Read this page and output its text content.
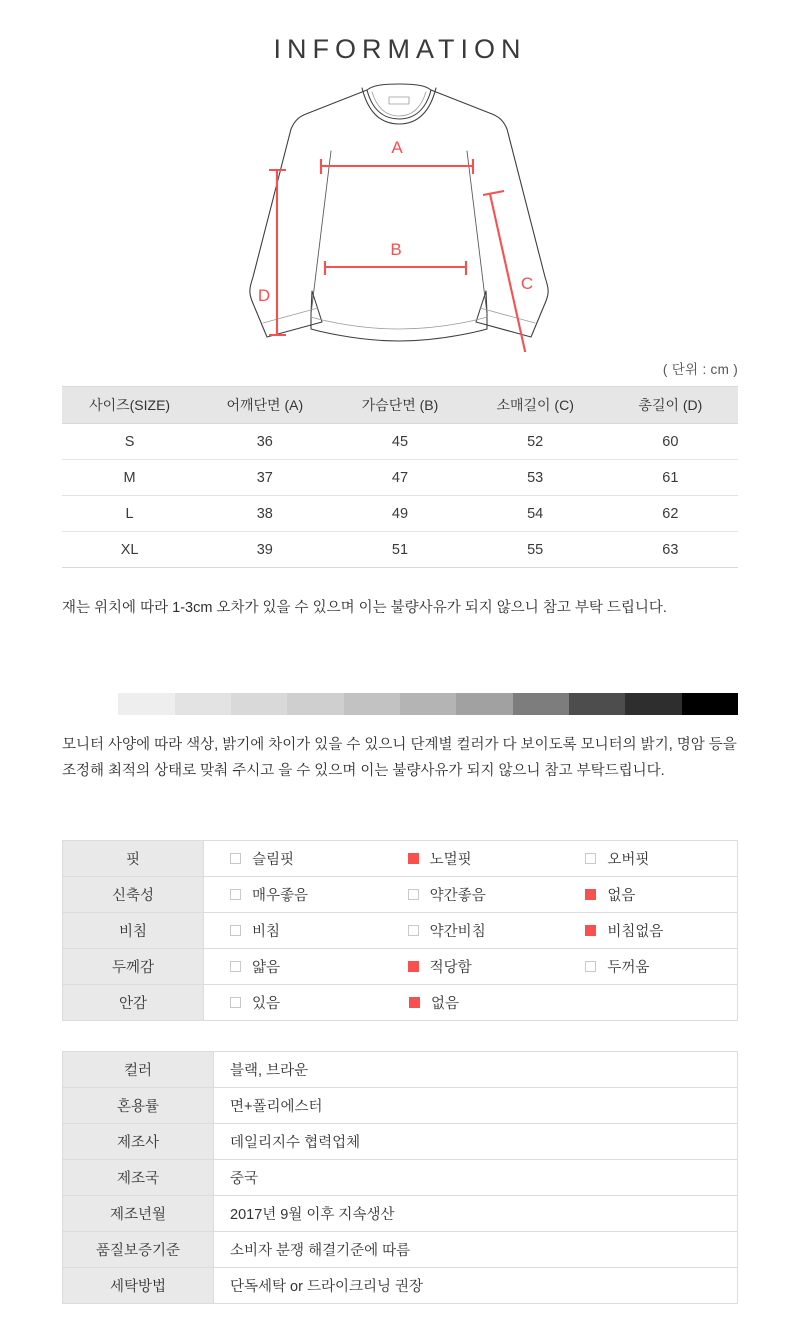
INFORMATION
A
B
C
D
( 단위 : cm )
사이즈(SIZE)	어깨단면 (A)	가슴단면 (B)	소매길이 (C)	총길이 (D)
S	36	45	52	60
M	37	47	53	61
L	38	49	54	62
XL	39	51	55	63
재는 위치에 따라 1-3cm 오차가 있을 수 있으며 이는 불량사유가 되지 않으니 참고 부탁 드립니다.
모니터 사양에 따라 색상, 밝기에 차이가 있을 수 있으니 단계별 컬러가 다 보이도록 모니터의 밝기, 명암 등을 조정해 최적의 상태로 맞춰 주시고 을 수 있으며 이는 불량사유가 되지 않으니 참고 부탁드립니다.
핏	슬림핏 노멀핏 오버핏

신축성	매우좋음 약간좋음 없음

비침	비침 약간비침 비침없음

두께감	얇음 적당함 두꺼움

안감	있음 없음
컬러	블랙, 브라운
혼용률	면+폴리에스터
제조사	데일리지수 협력업체
제조국	중국
제조년월	2017년 9월 이후 지속생산
품질보증기준	소비자 분쟁 해결기준에 따름
세탁방법	단독세탁 or 드라이크리닝 권장
